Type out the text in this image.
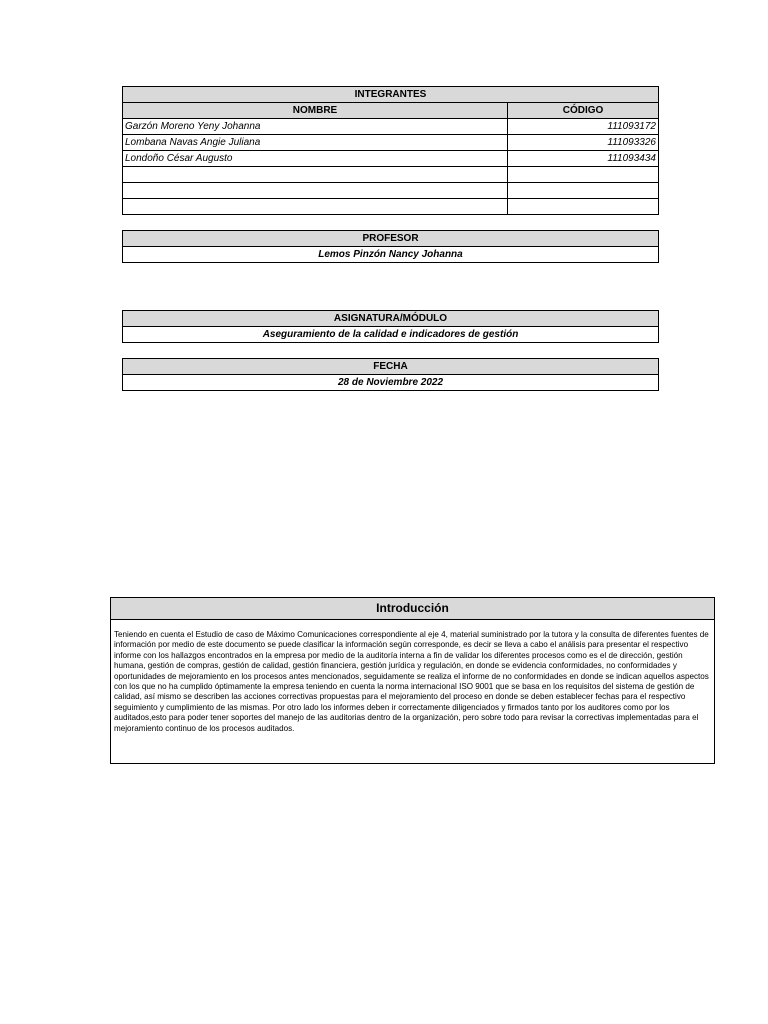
INTEGRANTES	
NOMBRE	CÓDIGO
Garzón Moreno Yeny Johanna	111093172
Lombana Navas Angie Juliana	111093326
Londoño César Augusto	111093434

PROFESOR
Lemos Pinzón Nancy Johanna
ASIGNATURA/MÓDULO
Aseguramiento de la calidad e indicadores de gestión
FECHA
28 de Noviembre 2022
Introducción
Teniendo en cuenta el Estudio de caso de Máximo Comunicaciones correspondiente al eje 4, material suministrado por la tutora y la consulta de diferentes fuentes de información por medio de este documento se puede clasificar la información según corresponde, es decir se lleva a cabo el análisis para presentar el respectivo informe con los hallazgos encontrados en la empresa por medio de la auditoría interna a fin de validar los diferentes procesos como es el de dirección, gestión humana, gestión de compras, gestión de calidad, gestión financiera, gestión jurídica y regulación, en donde se evidencia conformidades, no conformidades y oportunidades de mejoramiento en los procesos antes mencionados, seguidamente se realiza el informe de no conformidades en donde se indican aquellos aspectos con los que no ha cumplido óptimamente la empresa teniendo en cuenta la norma internacional ISO 9001 que se basa en los requisitos del sistema de gestión de calidad, así mismo se describen las acciones correctivas propuestas para el mejoramiento del proceso en donde se deben establecer fechas para el respectivo seguimiento y cumplimiento de las mismas. Por otro lado los informes deben ir correctamente diligenciados y firmados tanto por los auditores como por los auditados,esto para poder tener soportes del manejo de las auditorias dentro de la organización, pero sobre todo para revisar la correctivas implementadas para el mejoramiento continuo de los procesos auditados.
